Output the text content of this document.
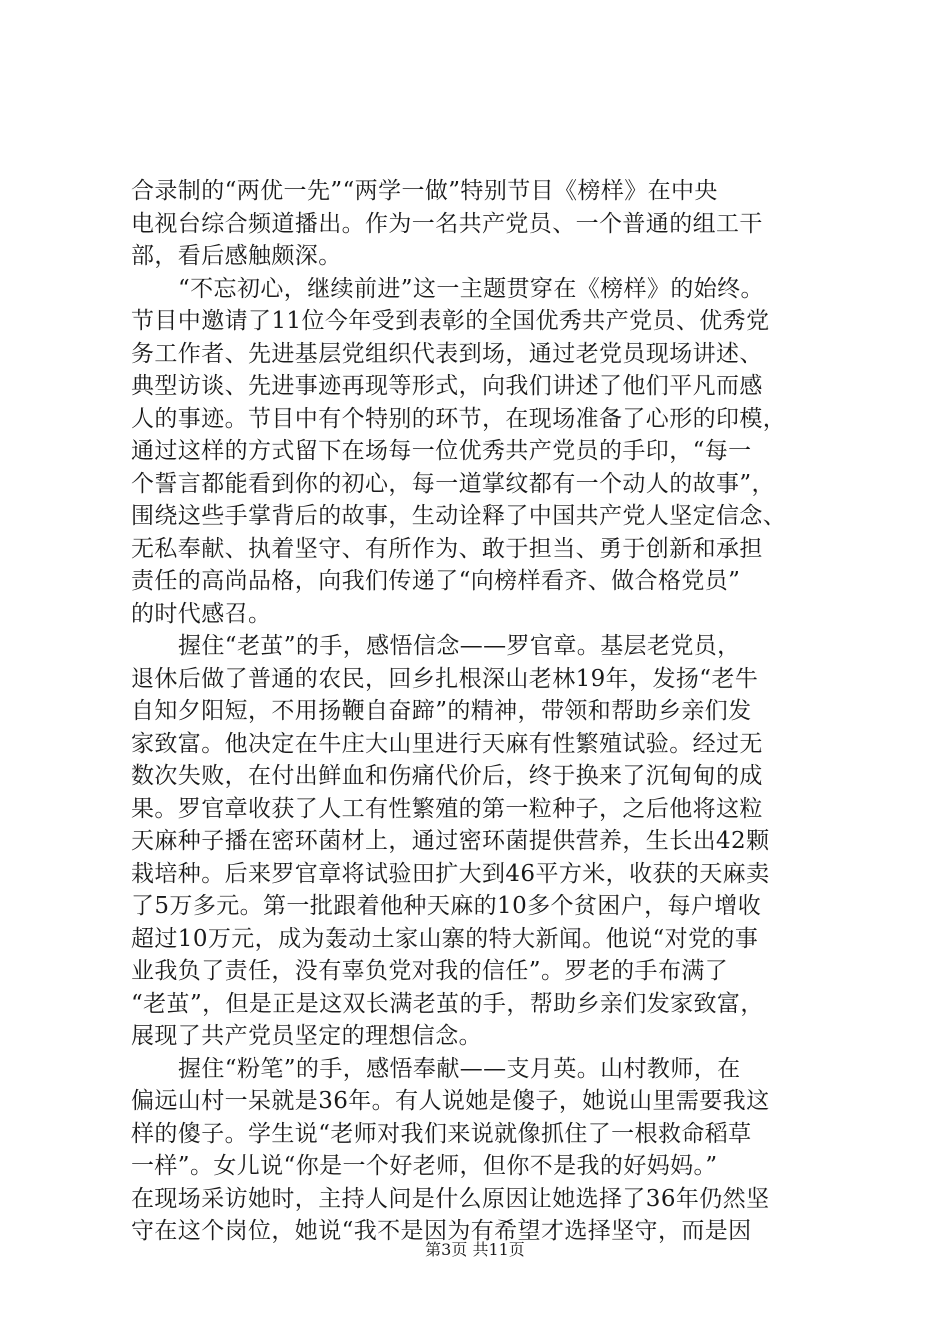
合录制的“两优一先”“两学一做”特别节目《榜样》在中央
电视台综合频道播出。作为一名共产党员、一个普通的组工干
部，看后感触颇深。
“不忘初心，继续前进”这一主题贯穿在《榜样》的始终。
节目中邀请了11位今年受到表彰的全国优秀共产党员、优秀党
务工作者、先进基层党组织代表到场，通过老党员现场讲述、
典型访谈、先进事迹再现等形式，向我们讲述了他们平凡而感
人的事迹。节目中有个特别的环节，在现场准备了心形的印模，
通过这样的方式留下在场每一位优秀共产党员的手印，“每一
个誓言都能看到你的初心，每一道掌纹都有一个动人的故事”，
围绕这些手掌背后的故事，生动诠释了中国共产党人坚定信念、
无私奉献、执着坚守、有所作为、敢于担当、勇于创新和承担
责任的高尚品格，向我们传递了“向榜样看齐、做合格党员”
的时代感召。
握住“老茧”的手，感悟信念——罗官章。基层老党员，
退休后做了普通的农民，回乡扎根深山老林19年，发扬“老牛
自知夕阳短，不用扬鞭自奋蹄”的精神，带领和帮助乡亲们发
家致富。他决定在牛庄大山里进行天麻有性繁殖试验。经过无
数次失败，在付出鲜血和伤痛代价后，终于换来了沉甸甸的成
果。罗官章收获了人工有性繁殖的第一粒种子，之后他将这粒
天麻种子播在密环菌材上，通过密环菌提供营养，生长出42颗
栽培种。后来罗官章将试验田扩大到46平方米，收获的天麻卖
了5万多元。第一批跟着他种天麻的10多个贫困户，每户增收
超过10万元，成为轰动土家山寨的特大新闻。他说“对党的事
业我负了责任，没有辜负党对我的信任”。罗老的手布满了
“老茧”，但是正是这双长满老茧的手，帮助乡亲们发家致富，
展现了共产党员坚定的理想信念。
握住“粉笔”的手，感悟奉献——支月英。山村教师，在
偏远山村一呆就是36年。有人说她是傻子，她说山里需要我这
样的傻子。学生说“老师对我们来说就像抓住了一根救命稻草
一样”。女儿说“你是一个好老师，但你不是我的好妈妈。”
在现场采访她时，主持人问是什么原因让她选择了36年仍然坚
守在这个岗位，她说“我不是因为有希望才选择坚守，而是因
第3页 共11页
